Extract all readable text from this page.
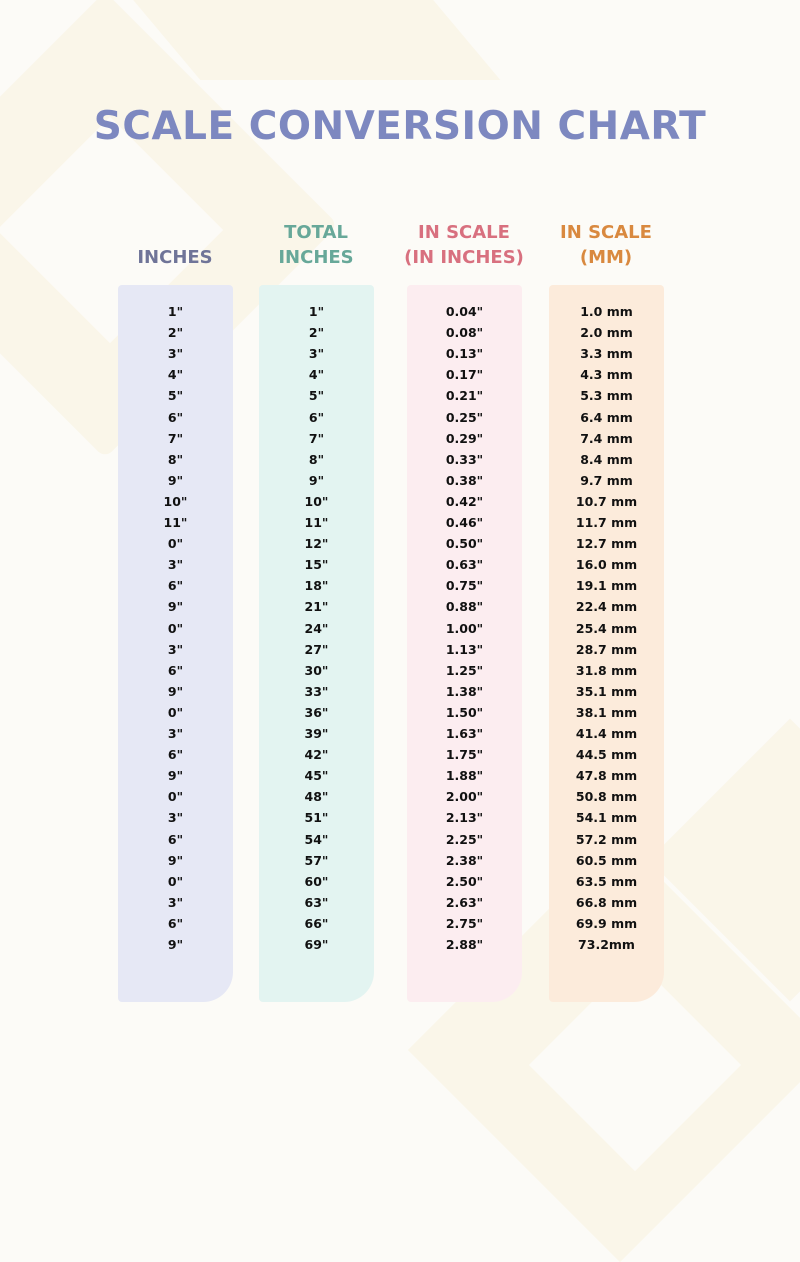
SCALE CONVERSION CHART
INCHES
1"
2"
3"
4"
5"
6"
7"
8"
9"
10"
11"
0"
3"
6"
9"
0"
3"
6"
9"
0"
3"
6"
9"
0"
3"
6"
9"
0"
3"
6"
9"
TOTAL
INCHES
1"
2"
3"
4"
5"
6"
7"
8"
9"
10"
11"
12"
15"
18"
21"
24"
27"
30"
33"
36"
39"
42"
45"
48"
51"
54"
57"
60"
63"
66"
69"
IN SCALE
(IN INCHES)
0.04"
0.08"
0.13"
0.17"
0.21"
0.25"
0.29"
0.33"
0.38"
0.42"
0.46"
0.50"
0.63"
0.75"
0.88"
1.00"
1.13"
1.25"
1.38"
1.50"
1.63"
1.75"
1.88"
2.00"
2.13"
2.25"
2.38"
2.50"
2.63"
2.75"
2.88"
IN SCALE
(MM)
1.0 mm
2.0 mm
3.3 mm
4.3 mm
5.3 mm
6.4 mm
7.4 mm
8.4 mm
9.7 mm
10.7 mm
11.7 mm
12.7 mm
16.0 mm
19.1 mm
22.4 mm
25.4 mm
28.7 mm
31.8 mm
35.1 mm
38.1 mm
41.4 mm
44.5 mm
47.8 mm
50.8 mm
54.1 mm
57.2 mm
60.5 mm
63.5 mm
66.8 mm
69.9 mm
73.2mm
